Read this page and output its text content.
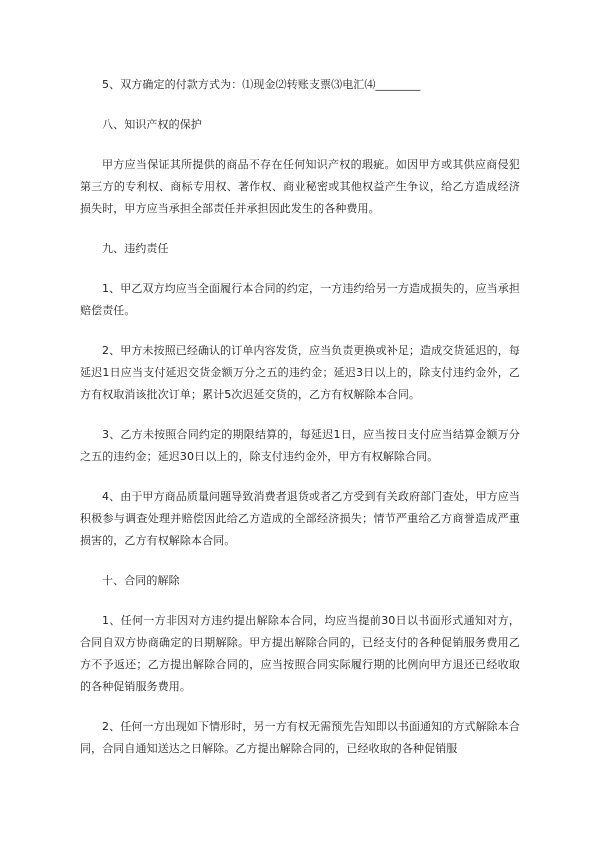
5、双方确定的付款方式为：⑴现金⑵转账支票⑶电汇⑷________

八、知识产权的保护

甲方应当保证其所提供的商品不存在任何知识产权的瑕疵。如因甲方或其供应商侵犯第三方的专利权、商标专用权、著作权、商业秘密或其他权益产生争议，给乙方造成经济损失时，甲方应当承担全部责任并承担因此发生的各种费用。

九、违约责任

1、甲乙双方均应当全面履行本合同的约定，一方违约给另一方造成损失的，应当承担赔偿责任。

2、甲方未按照已经确认的订单内容发货，应当负责更换或补足；造成交货延迟的，每延迟1日应当支付延迟交货金额万分之五的违约金；延迟3日以上的，除支付违约金外，乙方有权取消该批次订单；累计5次迟延交货的，乙方有权解除本合同。

3、乙方未按照合同约定的期限结算的，每延迟1日，应当按日支付应当结算金额万分之五的违约金；延迟30日以上的，除支付违约金外，甲方有权解除合同。

4、由于甲方商品质量问题导致消费者退货或者乙方受到有关政府部门查处，甲方应当积极参与调查处理并赔偿因此给乙方造成的全部经济损失；情节严重给乙方商誉造成严重损害的，乙方有权解除本合同。

十、合同的解除

1、任何一方非因对方违约提出解除本合同，均应当提前30日以书面形式通知对方，合同自双方协商确定的日期解除。甲方提出解除合同的，已经支付的各种促销服务费用乙方不予返还；乙方提出解除合同的，应当按照合同实际履行期的比例向甲方退还已经收取的各种促销服务费用。

2、任何一方出现如下情形时，另一方有权无需预先告知即以书面通知的方式解除本合同，合同自通知送达之日解除。乙方提出解除合同的，已经收取的各种促销服
